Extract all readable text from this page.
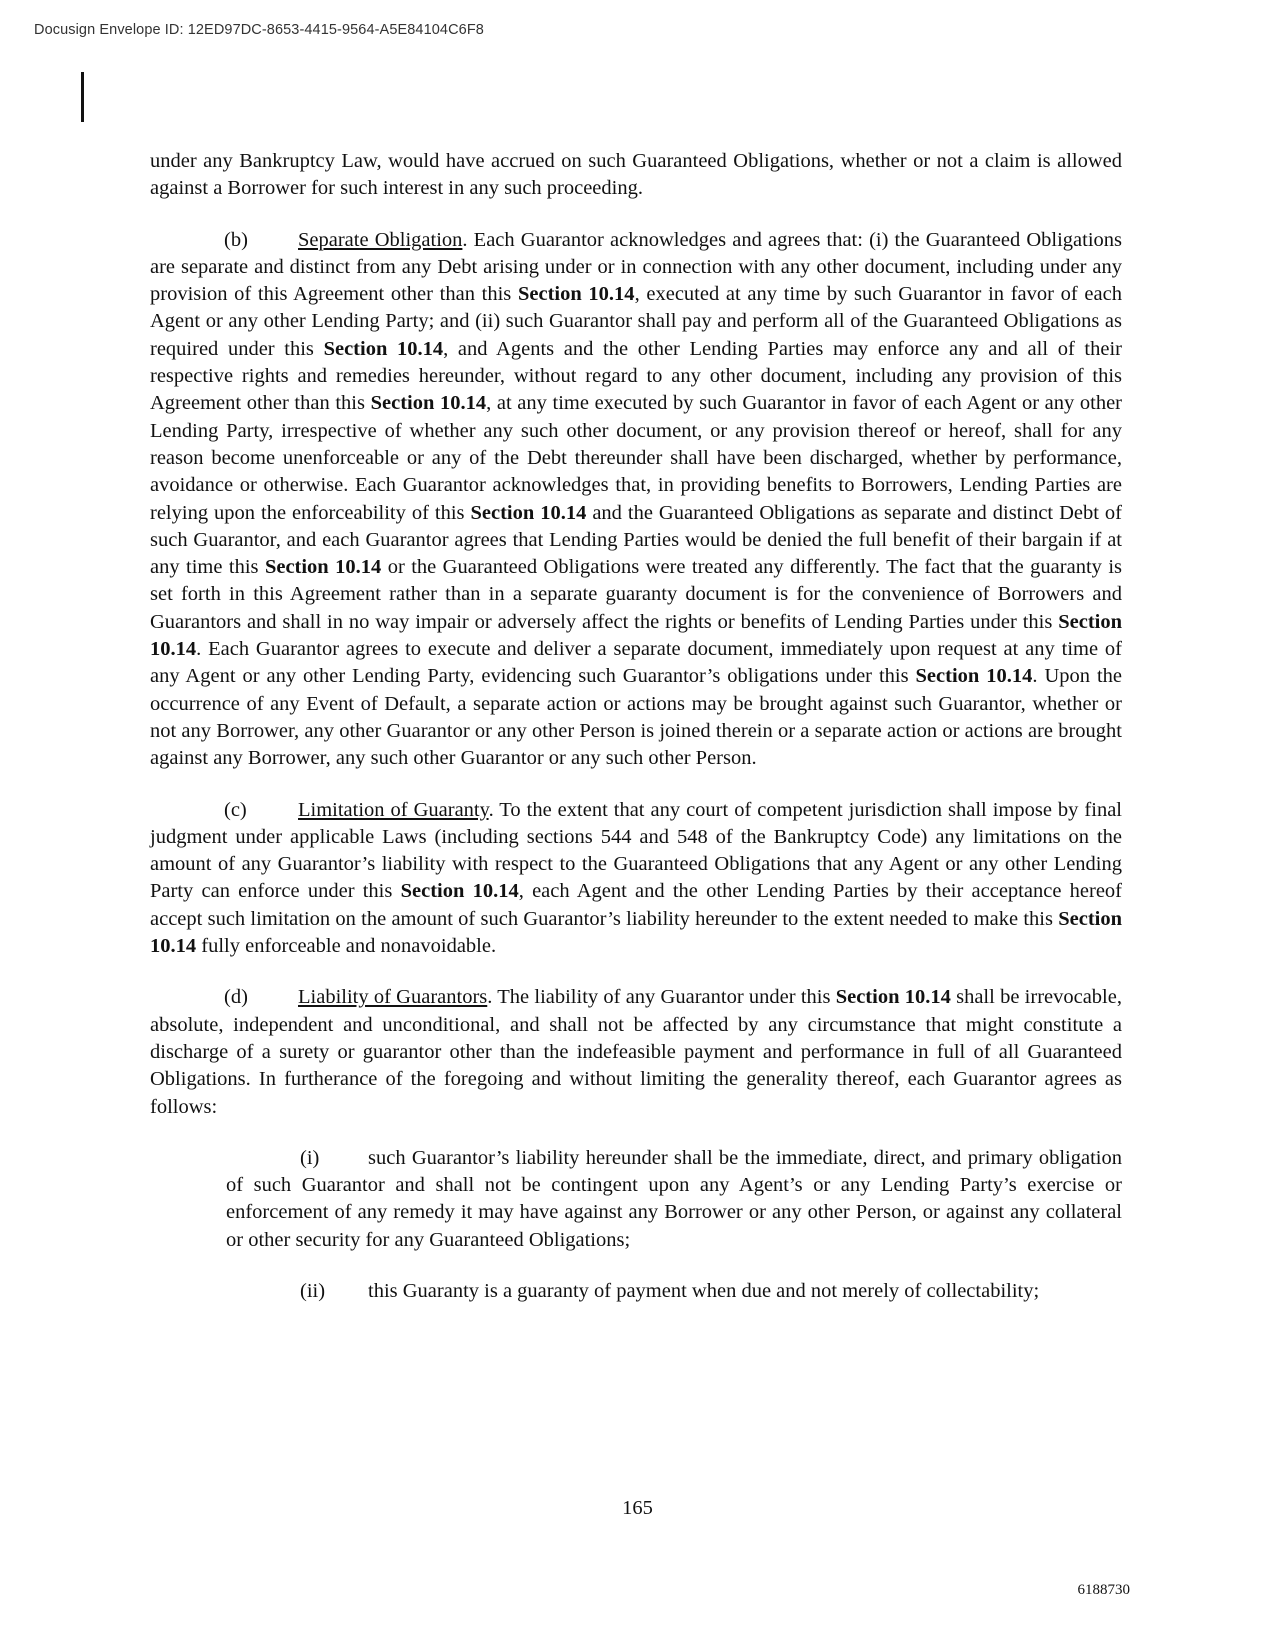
Docusign Envelope ID: 12ED97DC-8653-4415-9564-A5E84104C6F8

under any Bankruptcy Law, would have accrued on such Guaranteed Obligations, whether or not a claim is allowed against a Borrower for such interest in any such proceeding.

(b) Separate Obligation. Each Guarantor acknowledges and agrees that: (i) the Guaranteed Obligations are separate and distinct from any Debt arising under or in connection with any other document, including under any provision of this Agreement other than this Section 10.14, executed at any time by such Guarantor in favor of each Agent or any other Lending Party; and (ii) such Guarantor shall pay and perform all of the Guaranteed Obligations as required under this Section 10.14, and Agents and the other Lending Parties may enforce any and all of their respective rights and remedies hereunder, without regard to any other document, including any provision of this Agreement other than this Section 10.14, at any time executed by such Guarantor in favor of each Agent or any other Lending Party, irrespective of whether any such other document, or any provision thereof or hereof, shall for any reason become unenforceable or any of the Debt thereunder shall have been discharged, whether by performance, avoidance or otherwise. Each Guarantor acknowledges that, in providing benefits to Borrowers, Lending Parties are relying upon the enforceability of this Section 10.14 and the Guaranteed Obligations as separate and distinct Debt of such Guarantor, and each Guarantor agrees that Lending Parties would be denied the full benefit of their bargain if at any time this Section 10.14 or the Guaranteed Obligations were treated any differently. The fact that the guaranty is set forth in this Agreement rather than in a separate guaranty document is for the convenience of Borrowers and Guarantors and shall in no way impair or adversely affect the rights or benefits of Lending Parties under this Section 10.14. Each Guarantor agrees to execute and deliver a separate document, immediately upon request at any time of any Agent or any other Lending Party, evidencing such Guarantor’s obligations under this Section 10.14. Upon the occurrence of any Event of Default, a separate action or actions may be brought against such Guarantor, whether or not any Borrower, any other Guarantor or any other Person is joined therein or a separate action or actions are brought against any Borrower, any such other Guarantor or any such other Person.

(c) Limitation of Guaranty. To the extent that any court of competent jurisdiction shall impose by final judgment under applicable Laws (including sections 544 and 548 of the Bankruptcy Code) any limitations on the amount of any Guarantor’s liability with respect to the Guaranteed Obligations that any Agent or any other Lending Party can enforce under this Section 10.14, each Agent and the other Lending Parties by their acceptance hereof accept such limitation on the amount of such Guarantor’s liability hereunder to the extent needed to make this Section 10.14 fully enforceable and nonavoidable.

(d) Liability of Guarantors. The liability of any Guarantor under this Section 10.14 shall be irrevocable, absolute, independent and unconditional, and shall not be affected by any circumstance that might constitute a discharge of a surety or guarantor other than the indefeasible payment and performance in full of all Guaranteed Obligations. In furtherance of the foregoing and without limiting the generality thereof, each Guarantor agrees as follows:

(i) such Guarantor’s liability hereunder shall be the immediate, direct, and primary obligation of such Guarantor and shall not be contingent upon any Agent’s or any Lending Party’s exercise or enforcement of any remedy it may have against any Borrower or any other Person, or against any collateral or other security for any Guaranteed Obligations;

(ii) this Guaranty is a guaranty of payment when due and not merely of collectability;

165
6188730
